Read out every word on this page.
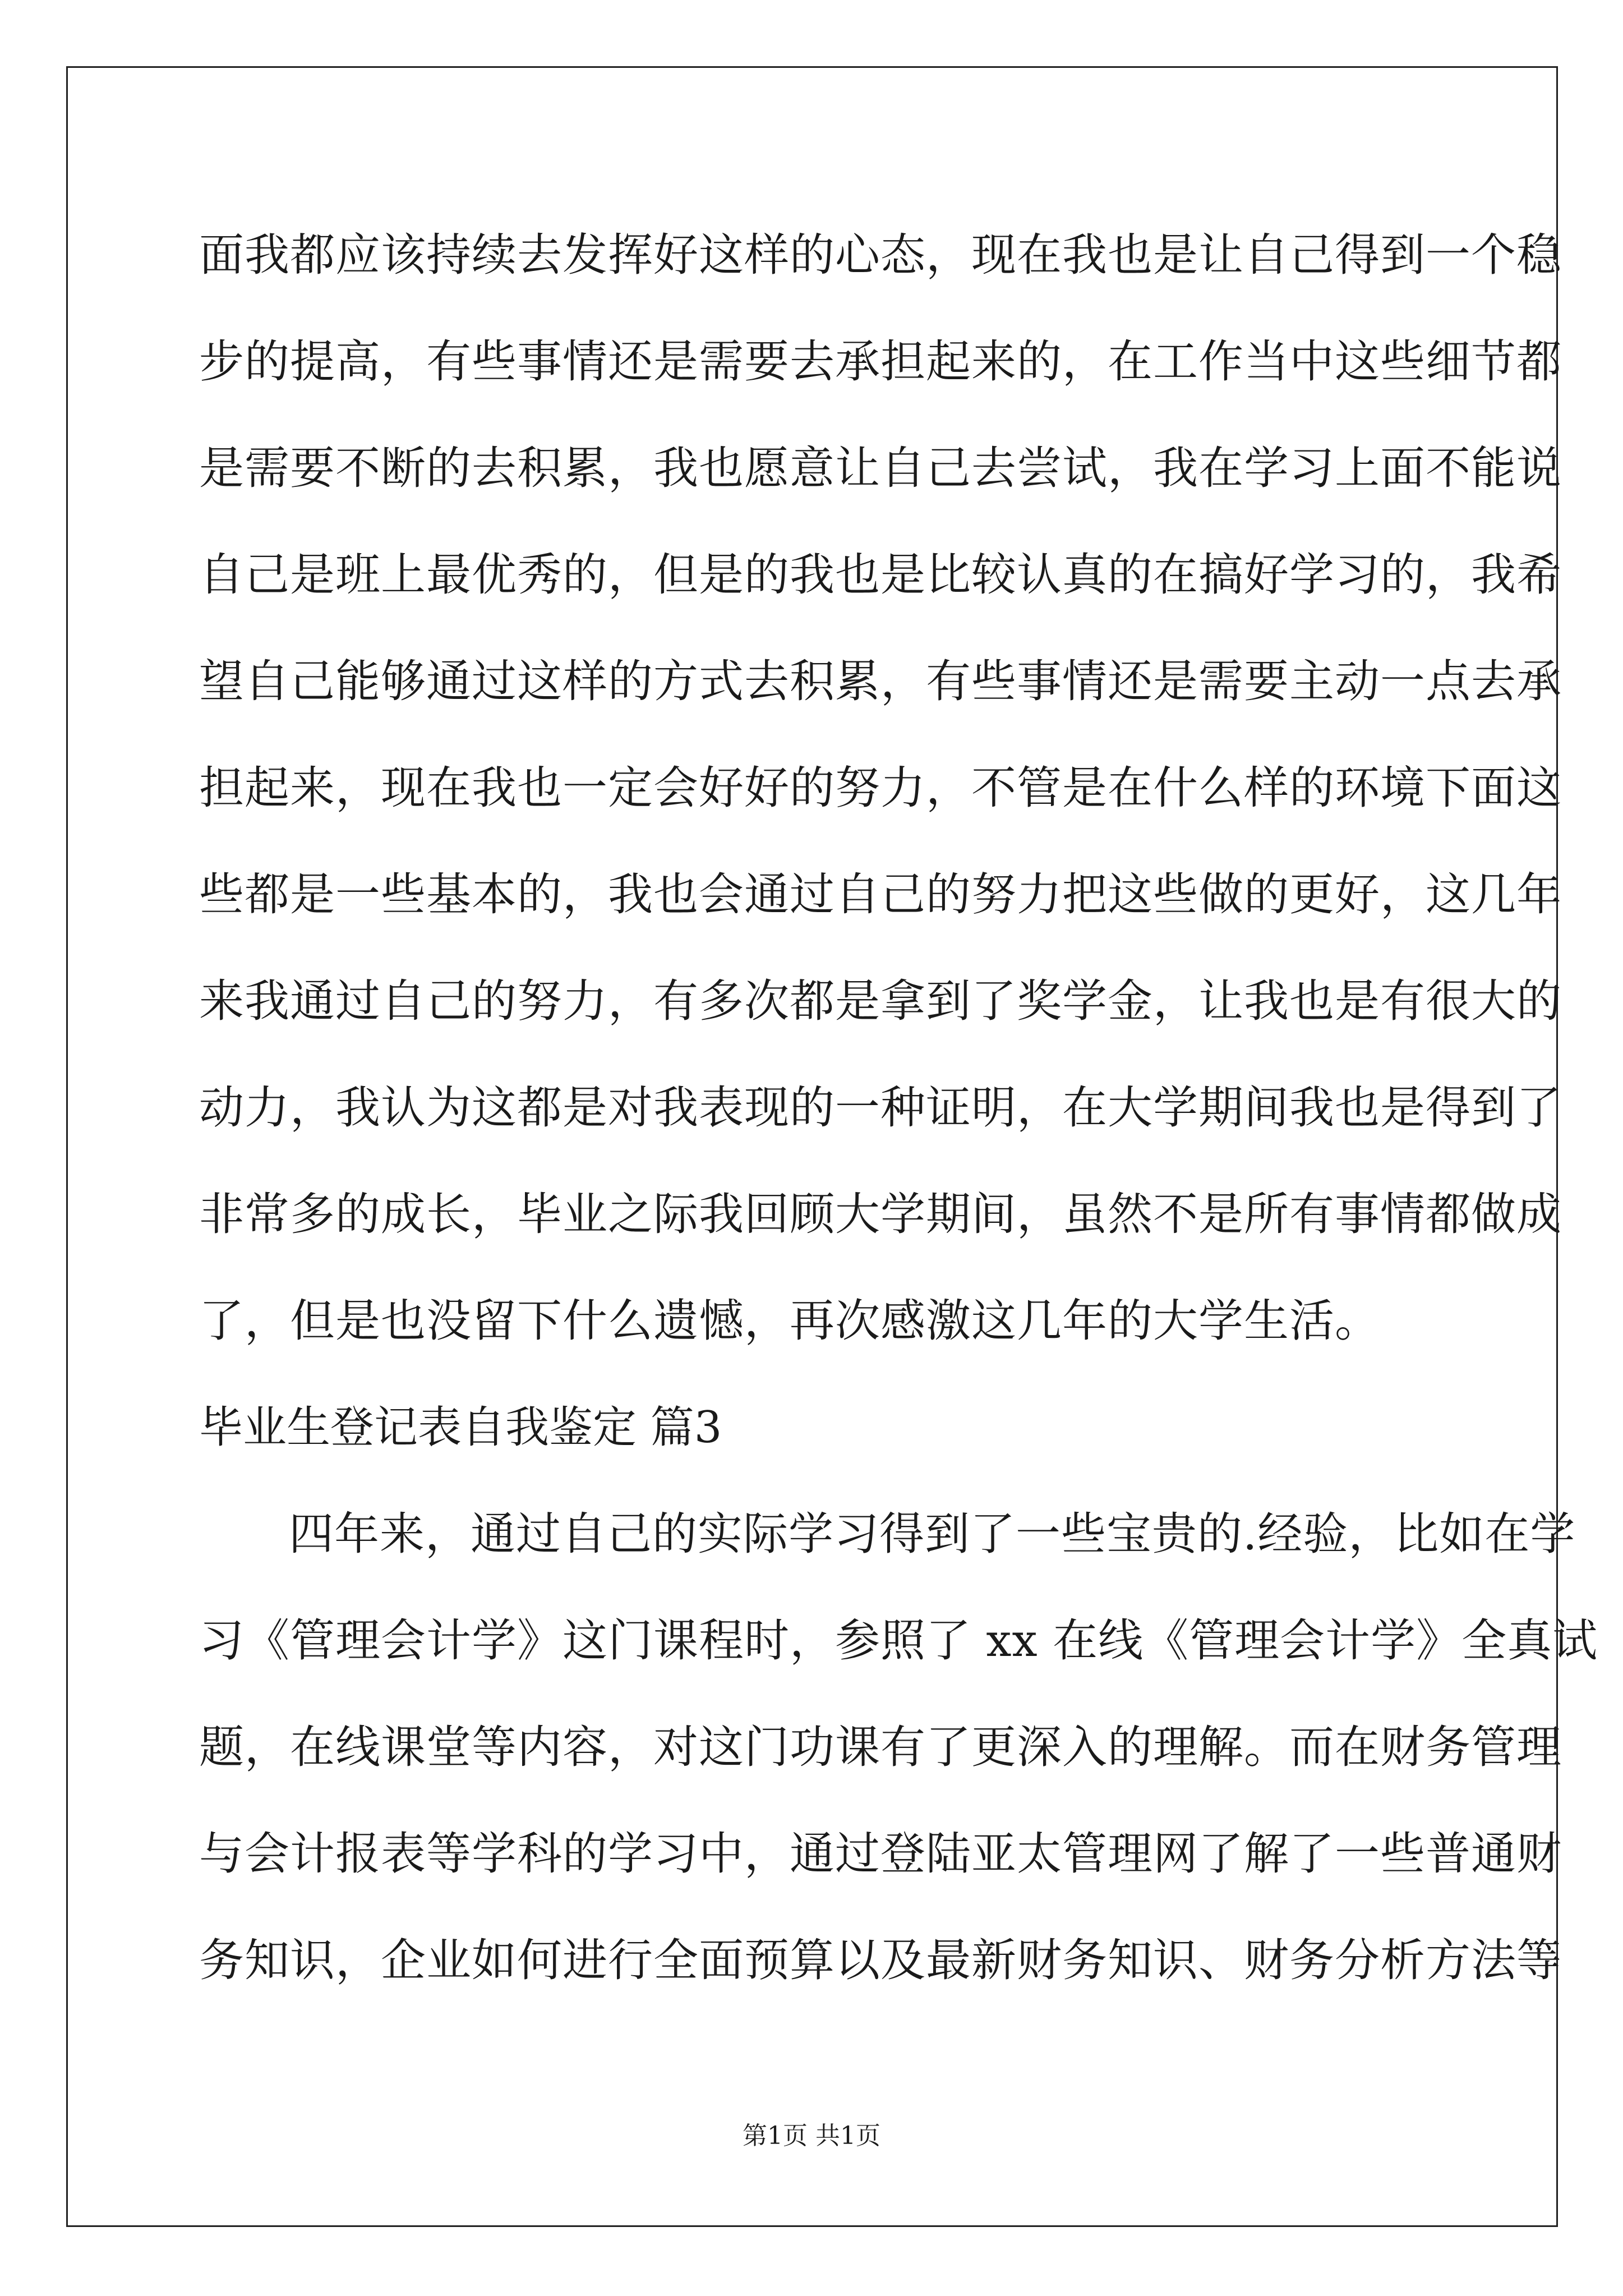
面我都应该持续去发挥好这样的心态，现在我也是让自己得到一个稳
步的提高，有些事情还是需要去承担起来的，在工作当中这些细节都
是需要不断的去积累，我也愿意让自己去尝试，我在学习上面不能说
自己是班上最优秀的，但是的我也是比较认真的在搞好学习的，我希
望自己能够通过这样的方式去积累，有些事情还是需要主动一点去承
担起来，现在我也一定会好好的努力，不管是在什么样的环境下面这
些都是一些基本的，我也会通过自己的努力把这些做的更好，这几年
来我通过自己的努力，有多次都是拿到了奖学金，让我也是有很大的
动力，我认为这都是对我表现的一种证明，在大学期间我也是得到了
非常多的成长，毕业之际我回顾大学期间，虽然不是所有事情都做成
了，但是也没留下什么遗憾，再次感激这几年的大学生活。
毕业生登记表自我鉴定 篇3
四年来，通过自己的实际学习得到了一些宝贵的.经验，比如在学
习《管理会计学》这门课程时，参照了 xx 在线《管理会计学》全真试
题，在线课堂等内容，对这门功课有了更深入的理解。而在财务管理
与会计报表等学科的学习中，通过登陆亚太管理网了解了一些普通财
务知识，企业如何进行全面预算以及最新财务知识、财务分析方法等
第1页 共1页
